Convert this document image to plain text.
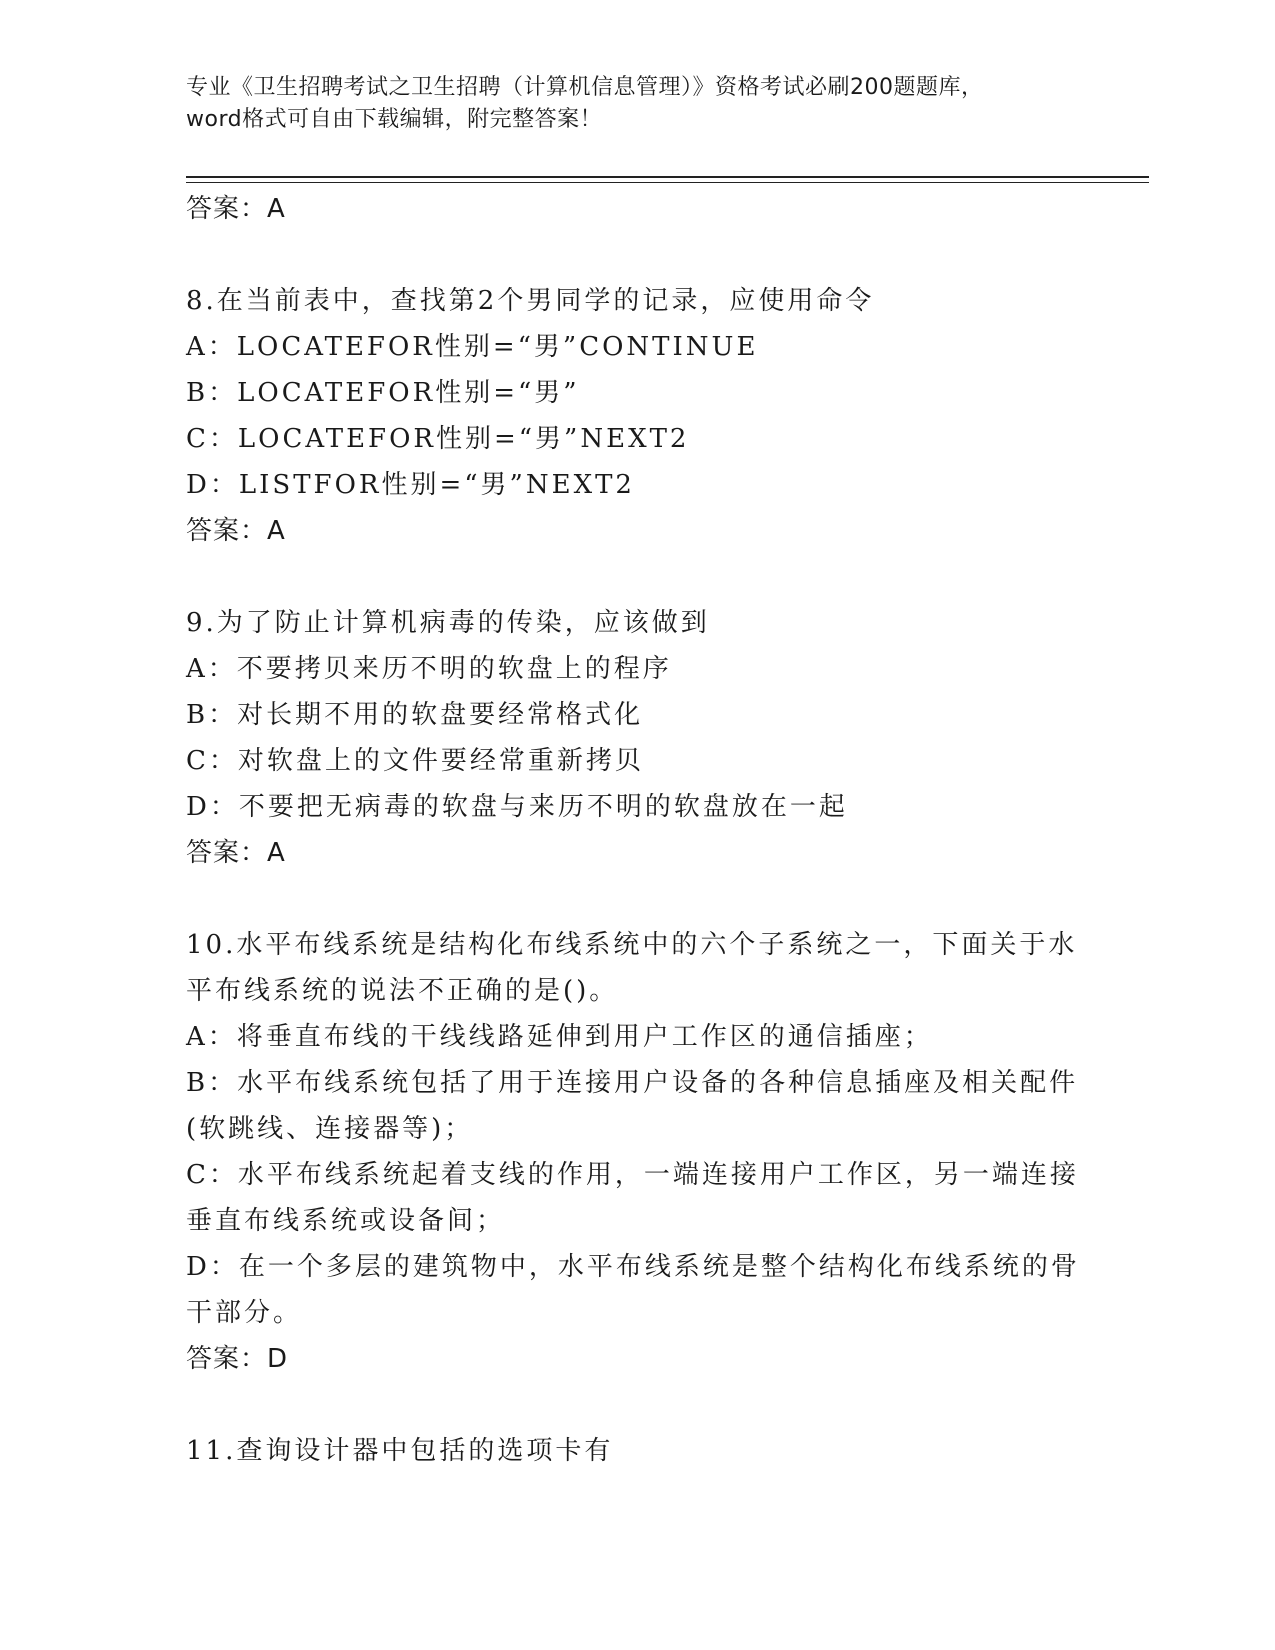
专业《卫生招聘考试之卫生招聘（计算机信息管理）》资格考试必刷200题题库，
word格式可自由下载编辑，附完整答案！
答案：A
8.在当前表中，查找第2个男同学的记录，应使用命令
A：LOCATEFOR性别=“男”CONTINUE
B：LOCATEFOR性别=“男”
C：LOCATEFOR性别=“男”NEXT2
D：LISTFOR性别=“男”NEXT2
答案：A
9.为了防止计算机病毒的传染，应该做到
A：不要拷贝来历不明的软盘上的程序
B：对长期不用的软盘要经常格式化
C：对软盘上的文件要经常重新拷贝
D：不要把无病毒的软盘与来历不明的软盘放在一起
答案：A
10.水平布线系统是结构化布线系统中的六个子系统之一，下面关于水
平布线系统的说法不正确的是()。
A：将垂直布线的干线线路延伸到用户工作区的通信插座；
B：水平布线系统包括了用于连接用户设备的各种信息插座及相关配件
(软跳线、连接器等)；
C：水平布线系统起着支线的作用，一端连接用户工作区，另一端连接
垂直布线系统或设备间；
D：在一个多层的建筑物中，水平布线系统是整个结构化布线系统的骨
干部分。
答案：D
11.查询设计器中包括的选项卡有
